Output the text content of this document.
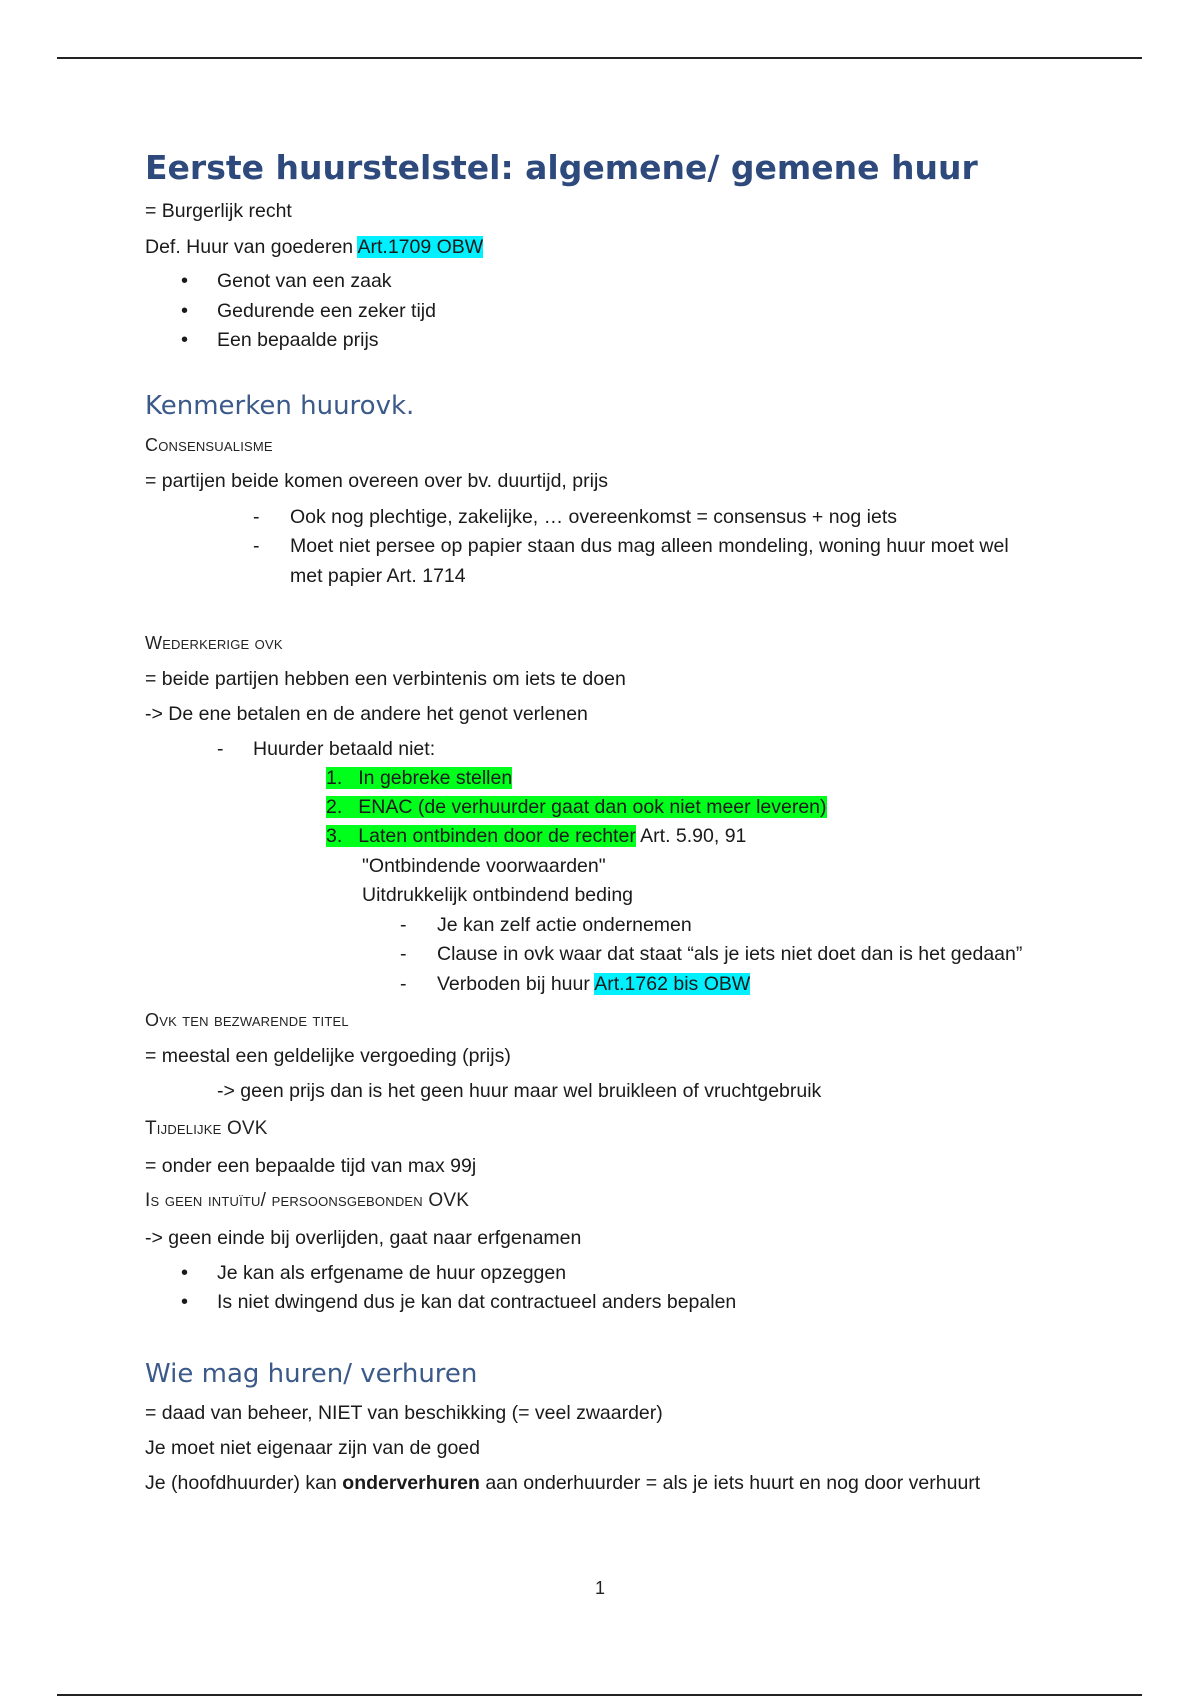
Eerste huurstelstel: algemene/ gemene huur
= Burgerlijk recht
Def. Huur van goederen Art.1709 OBW
• Genot van een zaak
• Gedurende een zeker tijd
• Een bepaalde prijs
Kenmerken huurovk.
Consensualisme
= partijen beide komen overeen over bv. duurtijd, prijs
- Ook nog plechtige, zakelijke, … overeenkomst = consensus + nog iets
- Moet niet persee op papier staan dus mag alleen mondeling, woning huur moet wel
met papier Art. 1714
Wederkerige ovk
= beide partijen hebben een verbintenis om iets te doen
-> De ene betalen en de andere het genot verlenen
- Huurder betaald niet:
1. In gebreke stellen
2. ENAC (de verhuurder gaat dan ook niet meer leveren)
3. Laten ontbinden door de rechter Art. 5.90, 91
"Ontbindende voorwaarden"
Uitdrukkelijk ontbindend beding
- Je kan zelf actie ondernemen
- Clause in ovk waar dat staat “als je iets niet doet dan is het gedaan”
- Verboden bij huur Art.1762 bis OBW
Ovk ten bezwarende titel
= meestal een geldelijke vergoeding (prijs)
-> geen prijs dan is het geen huur maar wel bruikleen of vruchtgebruik
Tijdelijke OVK
= onder een bepaalde tijd van max 99j
Is geen intuïtu/ persoonsgebonden OVK
-> geen einde bij overlijden, gaat naar erfgenamen
• Je kan als erfgename de huur opzeggen
• Is niet dwingend dus je kan dat contractueel anders bepalen
Wie mag huren/ verhuren
= daad van beheer, NIET van beschikking (= veel zwaarder)
Je moet niet eigenaar zijn van de goed
Je (hoofdhuurder) kan onderverhuren aan onderhuurder = als je iets huurt en nog door verhuurt
1
